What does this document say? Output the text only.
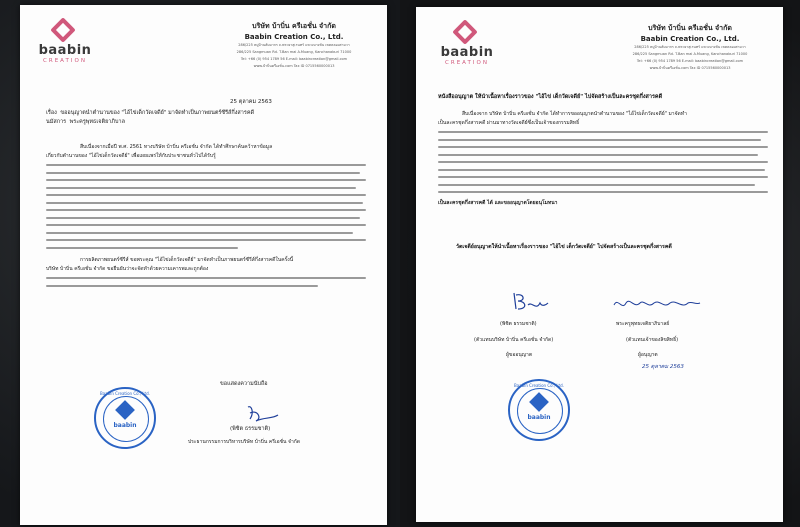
baabin
CREATION
บริษัท บ้าบิ่น ครีเอชั่น จำกัด
Baabin Creation Co., Ltd.
286/225 หมู่บ้านสัมมากร ถ.พระยาสุเรนทร์ แขวงบางชัน เขตคลองสามวา
286/225 Sangmuan Rd. T.Ban mai A.Muang, Kanchanaburi 71000
Tel: +66 (0) 954 1789 56 E-mail: baabincreation@gmail.com
www.บ้าบิ่นครีเอชั่น.com Tax ID 0715560000013
25 ตุลาคม 2563
เรื่อง ขออนุญาตนำตำนานของ "ไอ้ไข่เด็กวัดเจดีย์" มาจัดทำเป็นภาพยนตร์ซีรีส์กึ่งสารคดี
นมัสการ พระครูพุทธเจติยาภิบาล
สืบเนื่องจากเมื่อปี พ.ศ. 2561 ทางบริษัท บ้าบิ่น ครีเอชั่น จำกัด ได้ทำศึกษาค้นคว้าหาข้อมูล
เกี่ยวกับตำนานของ "ไอ้ไข่เด็กวัดเจดีย์" เพื่อเผยแพร่ให้กับประชาชนทั่วไปได้รับรู้
การผลิตภาพยนตร์ซีรีส์ ขอพระคุณ "ไอ้ไข่เด็กวัดเจดีย์" มาจัดทำเป็นภาพยนตร์ซีรีส์กึ่งสารคดีในครั้งนี้
บริษัท บ้าบิ่น ครีเอชั่น จำกัด ขอยืนยันว่าจะจัดทำด้วยความเคารพและถูกต้อง
ขอแสดงความนับถือ
(พิชิต ธรรมชาติ)
ประธานกรรมการบริหารบริษัท บ้าบิ่น ครีเอชั่น จำกัด
Baabin Creation Co., Ltd.
baabin
baabin
CREATION
บริษัท บ้าบิ่น ครีเอชั่น จำกัด
Baabin Creation Co., Ltd.
286/225 หมู่บ้านสัมมากร ถ.พระยาสุเรนทร์ แขวงบางชัน เขตคลองสามวา
286/225 Sangmuan Rd. T.Ban mai A.Muang, Kanchanaburi 71000
Tel: +66 (0) 954 1789 56 E-mail: baabincreation@gmail.com
www.บ้าบิ่นครีเอชั่น.com Tax ID 0715560000013
หนังสืออนุญาต ให้นำเนื้อหาเรื่องราวของ "ไอ้ไข่ เด็กวัดเจดีย์" ไปจัดสร้างเป็นละครชุดกึ่งสารคดี
สืบเนื่องจาก บริษัท บ้าบิ่น ครีเอชั่น จำกัด ได้ทำการขออนุญาตนำตำนานของ "ไอ้ไข่เด็กวัดเจดีย์" มาจัดทำ
เป็นละครชุดกึ่งสารคดี ผ่านมาทางวัดเจดีย์ซึ่งเป็นเจ้าของกรรมสิทธิ์
เป็นละครชุดกึ่งสารคดี ได้ และขออนุญาตโดยอนุโมทนา
วัดเจดีย์อนุญาตให้นำเนื้อหาเรื่องราวของ "ไอ้ไข่ เด็กวัดเจดีย์" ไปจัดสร้างเป็นละครชุดกึ่งสารคดี
(พิชิต ธรรมชาติ)
(ตัวแทนบริษัท บ้าบิ่น ครีเอชั่น จำกัด)
ผู้ขออนุญาต
พระครูพุทธเจติยาภิบาลย์
(ตัวแทนเจ้าของลิขสิทธิ์)
ผู้อนุญาต
25 ตุลาคม 2563
Baabin Creation Co., Ltd.
baabin
